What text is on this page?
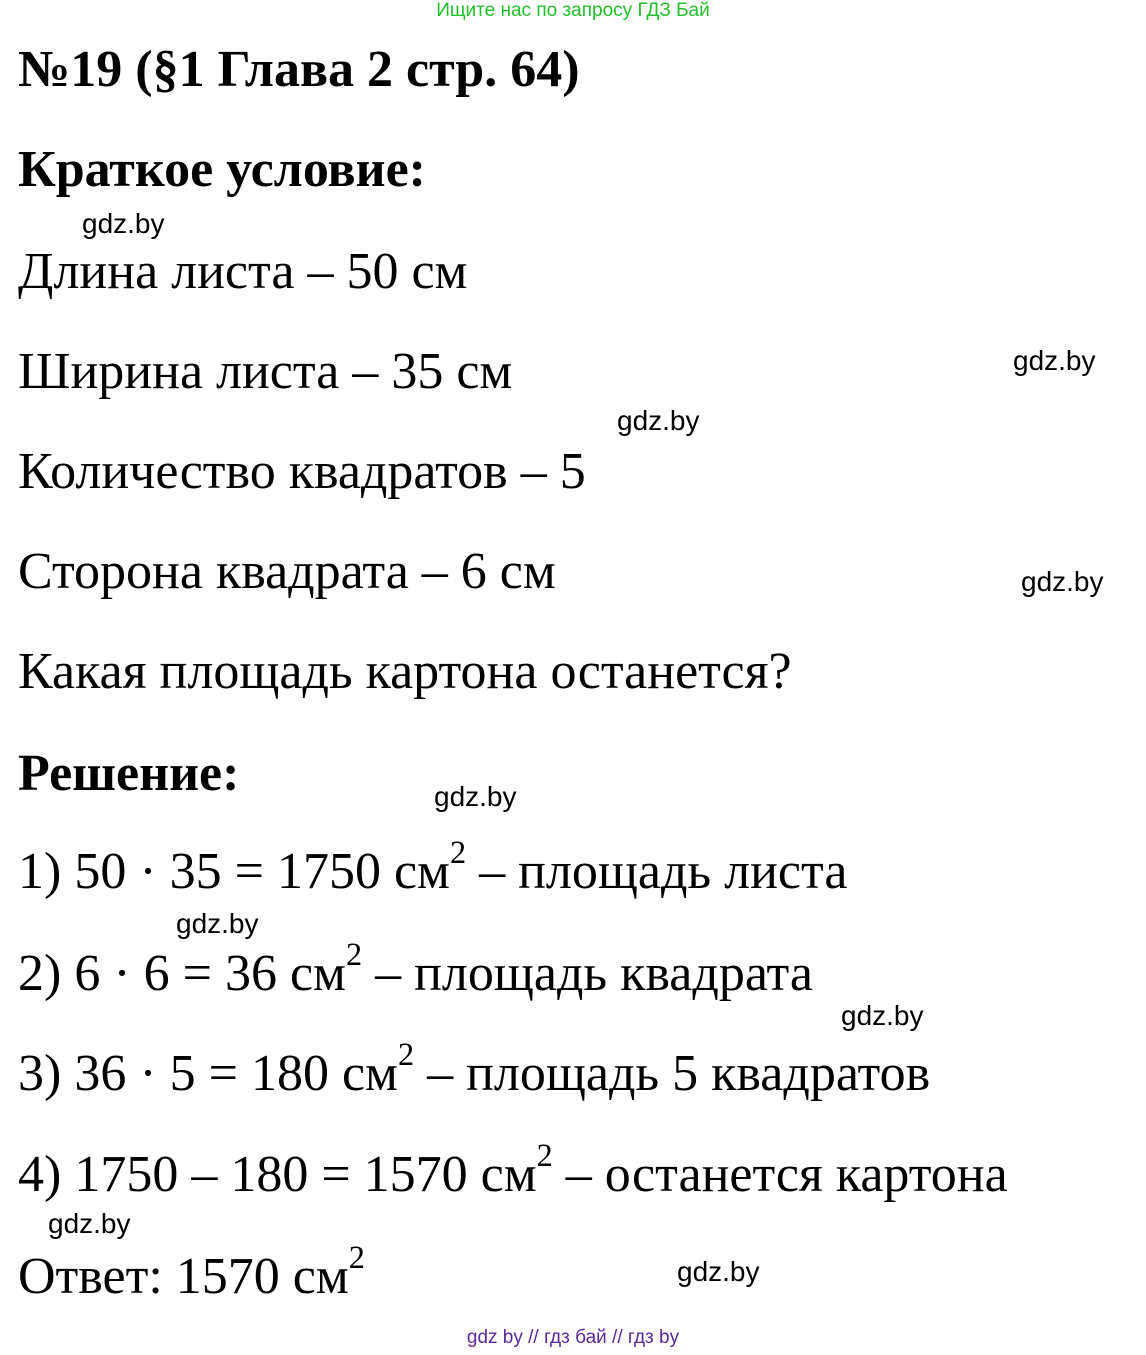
Ищите нас по запросу ГДЗ Бай
№19 (§1 Глава 2 стр. 64)
Краткое условие:
Длина листа – 50 см
Ширина листа – 35 см
Количество квадратов – 5
Сторона квадрата – 6 см
Какая площадь картона останется?
Решение:
1) 50 · 35 = 1750 $см^2$ – площадь листа
2) 6 · 6 = 36 $см^2$ – площадь квадрата
3) 36 · 5 = 180 $см^2$ – площадь 5 квадратов
4) 1750 – 180 = 1570 $см^2$ – останется картона
Ответ: 1570 $см^2$
gdz.by
gdz.by
gdz.by
gdz.by
gdz.by
gdz.by
gdz.by
gdz.by
gdz.by
gdz by // гдз бай // гдз by
